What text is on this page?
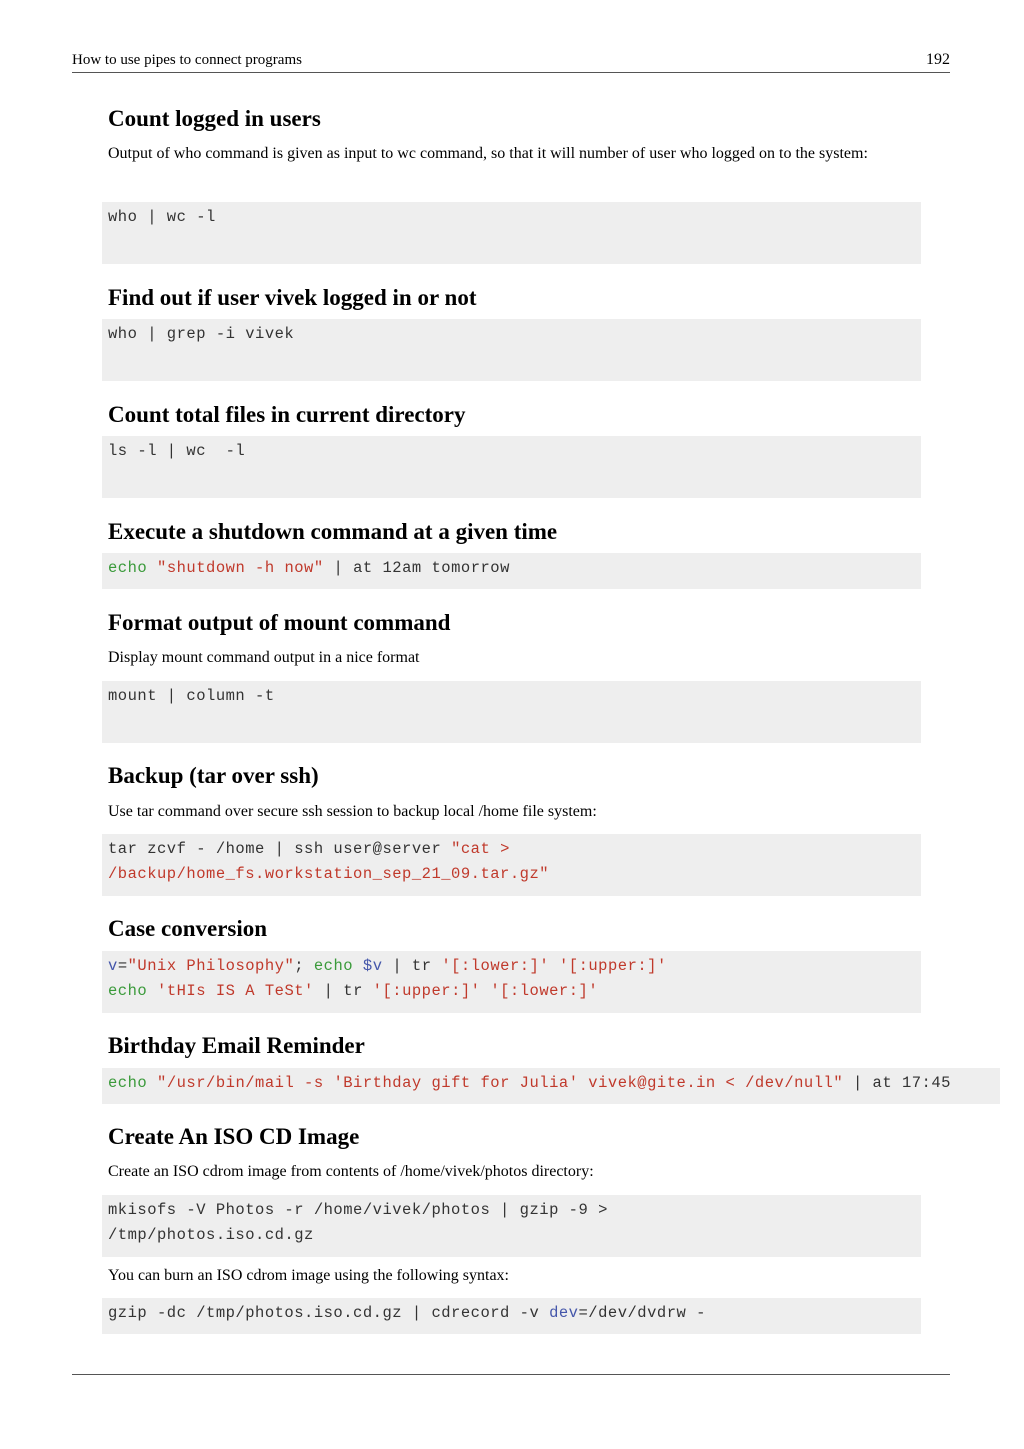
How to use pipes to connect programs	192
Count logged in users

Output of who command is given as input to wc command, so that it will number of user who logged on to the system:

who | wc -l
Find out if user vivek logged in or not
who | grep -i vivek
Count total files in current directory
ls -l | wc  -l
Execute a shutdown command at a given time
echo "shutdown -h now" | at 12am tomorrow
Format output of mount command

Display mount command output in a nice format

mount | column -t
Backup (tar over ssh)

Use tar command over secure ssh session to backup local /home file system:

tar zcvf - /home | ssh user@server "cat >
/backup/home_fs.workstation_sep_21_09.tar.gz"
Case conversion
v="Unix Philosophy"; echo $v | tr '[:lower:]' '[:upper:]'
echo 'tHIs IS A TeSt' | tr '[:upper:]' '[:lower:]'
Birthday Email Reminder
echo "/usr/bin/mail -s 'Birthday gift for Julia' vivek@gite.in < /dev/null" | at 17:45
Create An ISO CD Image

Create an ISO cdrom image from contents of /home/vivek/photos directory:

mkisofs -V Photos -r /home/vivek/photos | gzip -9 >
/tmp/photos.iso.cd.gz

You can burn an ISO cdrom image using the following syntax:

gzip -dc /tmp/photos.iso.cd.gz | cdrecord -v dev=/dev/dvdrw -
